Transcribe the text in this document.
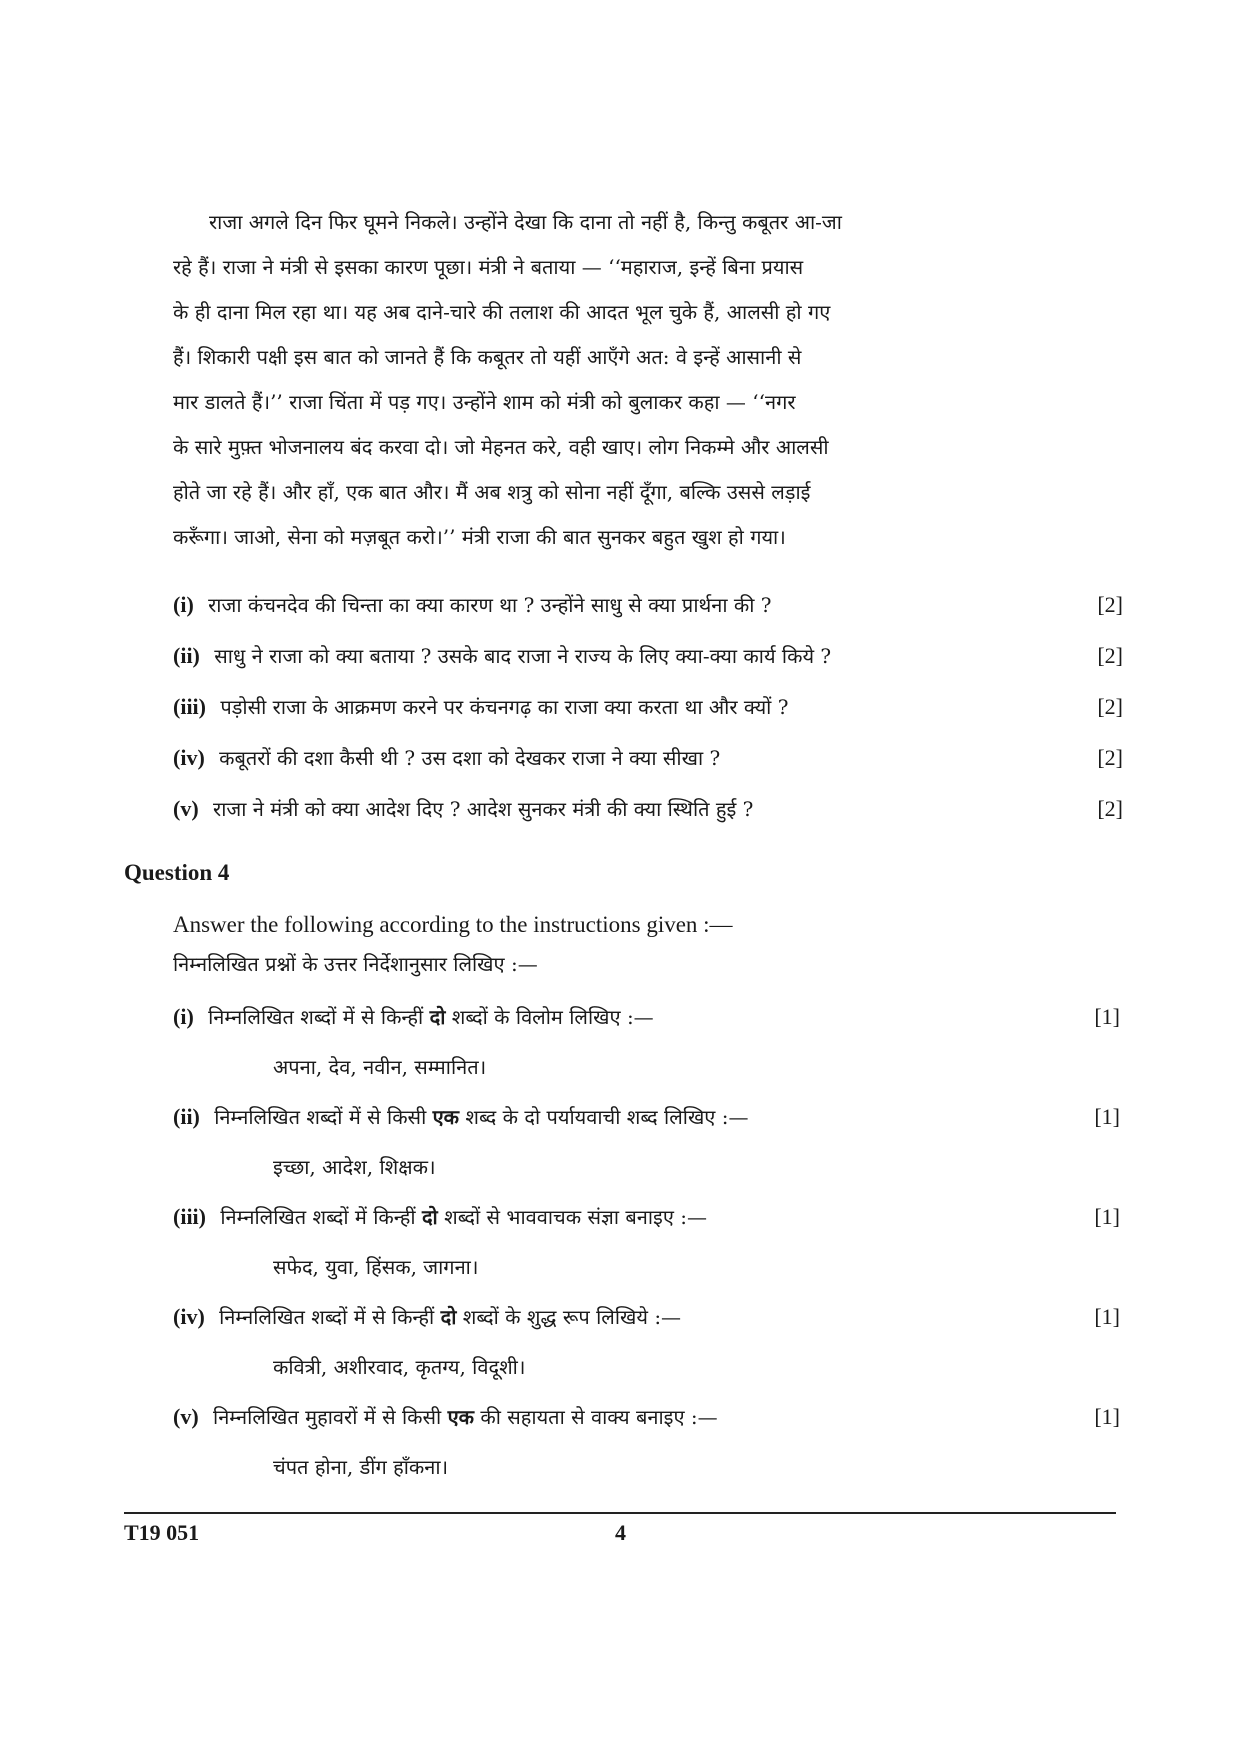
राजा अगले दिन फिर घूमने निकले। उन्होंने देखा कि दाना तो नहीं है, किन्तु कबूतर आ-जा
रहे हैं। राजा ने मंत्री से इसका कारण पूछा। मंत्री ने बताया — ‘‘महाराज, इन्हें बिना प्रयास
के ही दाना मिल रहा था। यह अब दाने-चारे की तलाश की आदत भूल चुके हैं, आलसी हो गए
हैं। शिकारी पक्षी इस बात को जानते हैं कि कबूतर तो यहीं आएँगे अत: वे इन्हें आसानी से
मार डालते हैं।’’ राजा चिंता में पड़ गए। उन्होंने शाम को मंत्री को बुलाकर कहा — ‘‘नगर
के सारे मुफ़्त भोजनालय बंद करवा दो। जो मेहनत करे, वही खाए। लोग निकम्मे और आलसी
होते जा रहे हैं। और हाँ, एक बात और। मैं अब शत्रु को सोना नहीं दूँगा, बल्कि उससे लड़ाई
करूँगा। जाओ, सेना को मज़बूत करो।’’ मंत्री राजा की बात सुनकर बहुत खुश हो गया।
(i) राजा कंचनदेव की चिन्ता का क्या कारण था ? उन्होंने साधु से क्या प्रार्थना की ?	[2]
(ii) साधु ने राजा को क्या बताया ? उसके बाद राजा ने राज्य के लिए क्या-क्या कार्य किये ?	[2]
(iii) पड़ोसी राजा के आक्रमण करने पर कंचनगढ़ का राजा क्या करता था और क्यों ?	[2]
(iv) कबूतरों की दशा कैसी थी ? उस दशा को देखकर राजा ने क्या सीखा ?	[2]
(v) राजा ने मंत्री को क्या आदेश दिए ? आदेश सुनकर मंत्री की क्या स्थिति हुई ?	[2]
Question 4
Answer the following according to the instructions given :—
निम्नलिखित प्रश्नों के उत्तर निर्देशानुसार लिखिए :—
(i) निम्नलिखित शब्दों में से किन्हीं दो शब्दों के विलोम लिखिए :—	[1]
अपना, देव, नवीन, सम्मानित।
(ii) निम्नलिखित शब्दों में से किसी एक शब्द के दो पर्यायवाची शब्द लिखिए :—	[1]
इच्छा, आदेश, शिक्षक।
(iii) निम्नलिखित शब्दों में किन्हीं दो शब्दों से भाववाचक संज्ञा बनाइए :—	[1]
सफेद, युवा, हिंसक, जागना।
(iv) निम्नलिखित शब्दों में से किन्हीं दो शब्दों के शुद्ध रूप लिखिये :—	[1]
कवित्री, अशीरवाद, कृतग्य, विदूशी।
(v) निम्नलिखित मुहावरों में से किसी एक की सहायता से वाक्य बनाइए :—	[1]
चंपत होना, डींग हाँकना।
T19 051	4
